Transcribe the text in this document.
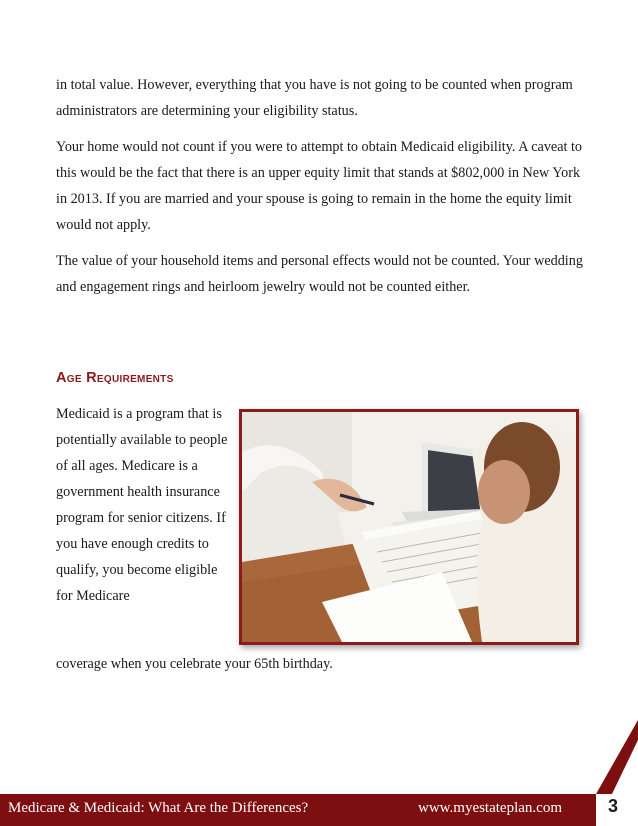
in total value. However, everything that you have is not going to be counted when program administrators are determining your eligibility status.

Your home would not count if you were to attempt to obtain Medicaid eligibility. A caveat to this would be the fact that there is an upper equity limit that stands at $802,000 in New York in 2013. If you are married and your spouse is going to remain in the home the equity limit would not apply.

The value of your household items and personal effects would not be counted. Your wedding and engagement rings and heirloom jewelry would not be counted either.

Age Requirements

Medicaid is a program that is potentially available to people of all ages. Medicare is a government health insurance program for senior citizens. If you have enough credits to qualify, you become eligible for Medicare

coverage when you celebrate your 65th birthday.

Medicare & Medicaid: What Are the Differences?	www.myestateplan.com	3
